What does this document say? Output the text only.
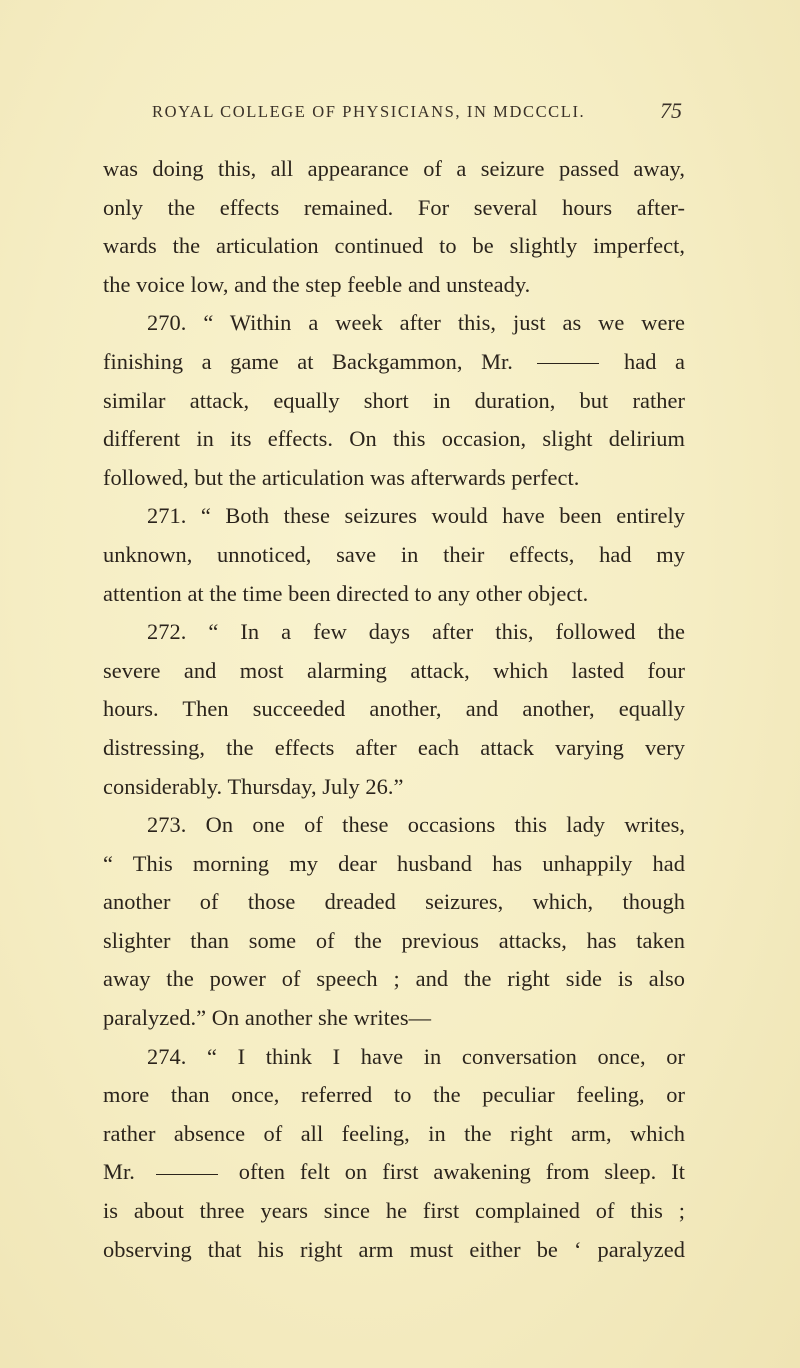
ROYAL COLLEGE OF PHYSICIANS, IN MDCCCLI.	75
was doing this, all appearance of a seizure passed away,
only the effects remained. For several hours after-
wards the articulation continued to be slightly imperfect,
the voice low, and the step feeble and unsteady.
270. “ Within a week after this, just as we were
finishing a game at Backgammon, Mr.	had a
similar attack, equally short in duration, but rather
different in its effects. On this occasion, slight delirium
followed, but the articulation was afterwards perfect.
271. “ Both these seizures would have been entirely
unknown, unnoticed, save in their effects, had my
attention at the time been directed to any other object.
272. “ In a few days after this, followed the
severe and most alarming attack, which lasted four
hours. Then succeeded another, and another, equally
distressing, the effects after each attack varying very
considerably. Thursday, July 26.”
273. On one of these occasions this lady writes,
“ This morning my dear husband has unhappily had
another of those dreaded seizures, which, though
slighter than some of the previous attacks, has taken
away the power of speech ; and the right side is also
paralyzed.” On another she writes—
274. “ I think I have in conversation once, or
more than once, referred to the peculiar feeling, or
rather absence of all feeling, in the right arm, which
Mr.	often felt on first awakening from sleep. It
is about three years since he first complained of this ;
observing that his right arm must either be ‘ paralyzed
